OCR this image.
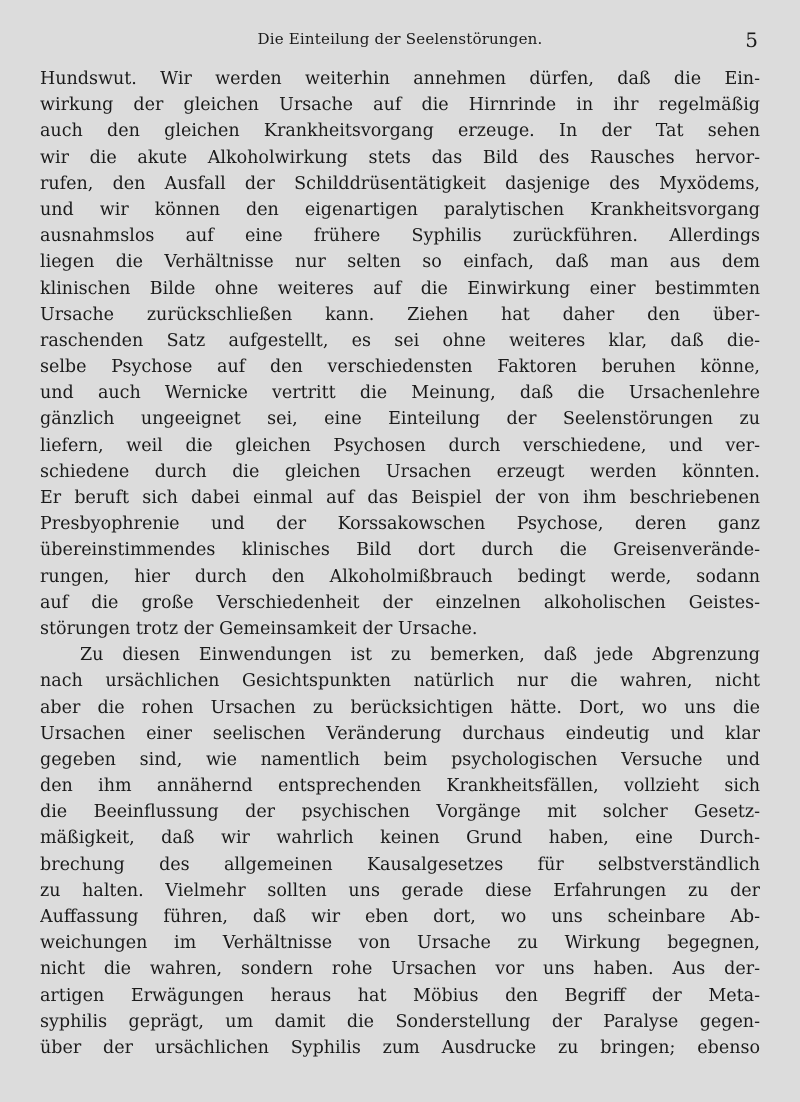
Die Einteilung der Seelenstörungen.	5
Hundswut. Wir werden weiterhin annehmen dürfen, daß die Ein-
wirkung der gleichen Ursache auf die Hirnrinde in ihr regelmäßig
auch den gleichen Krankheitsvorgang erzeuge. In der Tat sehen
wir die akute Alkoholwirkung stets das Bild des Rausches hervor-
rufen, den Ausfall der Schilddrüsentätigkeit dasjenige des Myxödems,
und wir können den eigenartigen paralytischen Krankheitsvorgang
ausnahmslos auf eine frühere Syphilis zurückführen. Allerdings
liegen die Verhältnisse nur selten so einfach, daß man aus dem
klinischen Bilde ohne weiteres auf die Einwirkung einer bestimmten
Ursache zurückschließen kann. Ziehen hat daher den über-
raschenden Satz aufgestellt, es sei ohne weiteres klar, daß die-
selbe Psychose auf den verschiedensten Faktoren beruhen könne,
und auch Wernicke vertritt die Meinung, daß die Ursachenlehre
gänzlich ungeeignet sei, eine Einteilung der Seelenstörungen zu
liefern, weil die gleichen Psychosen durch verschiedene, und ver-
schiedene durch die gleichen Ursachen erzeugt werden könnten.
Er beruft sich dabei einmal auf das Beispiel der von ihm beschriebenen
Presbyophrenie und der Korssakowschen Psychose, deren ganz
übereinstimmendes klinisches Bild dort durch die Greisenverände-
rungen, hier durch den Alkoholmißbrauch bedingt werde, sodann
auf die große Verschiedenheit der einzelnen alkoholischen Geistes-
störungen trotz der Gemeinsamkeit der Ursache.
Zu diesen Einwendungen ist zu bemerken, daß jede Abgrenzung
nach ursächlichen Gesichtspunkten natürlich nur die wahren, nicht
aber die rohen Ursachen zu berücksichtigen hätte. Dort, wo uns die
Ursachen einer seelischen Veränderung durchaus eindeutig und klar
gegeben sind, wie namentlich beim psychologischen Versuche und
den ihm annähernd entsprechenden Krankheitsfällen, vollzieht sich
die Beeinflussung der psychischen Vorgänge mit solcher Gesetz-
mäßigkeit, daß wir wahrlich keinen Grund haben, eine Durch-
brechung des allgemeinen Kausalgesetzes für selbstverständlich
zu halten. Vielmehr sollten uns gerade diese Erfahrungen zu der
Auffassung führen, daß wir eben dort, wo uns scheinbare Ab-
weichungen im Verhältnisse von Ursache zu Wirkung begegnen,
nicht die wahren, sondern rohe Ursachen vor uns haben. Aus der-
artigen Erwägungen heraus hat Möbius den Begriff der Meta-
syphilis geprägt, um damit die Sonderstellung der Paralyse gegen-
über der ursächlichen Syphilis zum Ausdrucke zu bringen; ebenso
